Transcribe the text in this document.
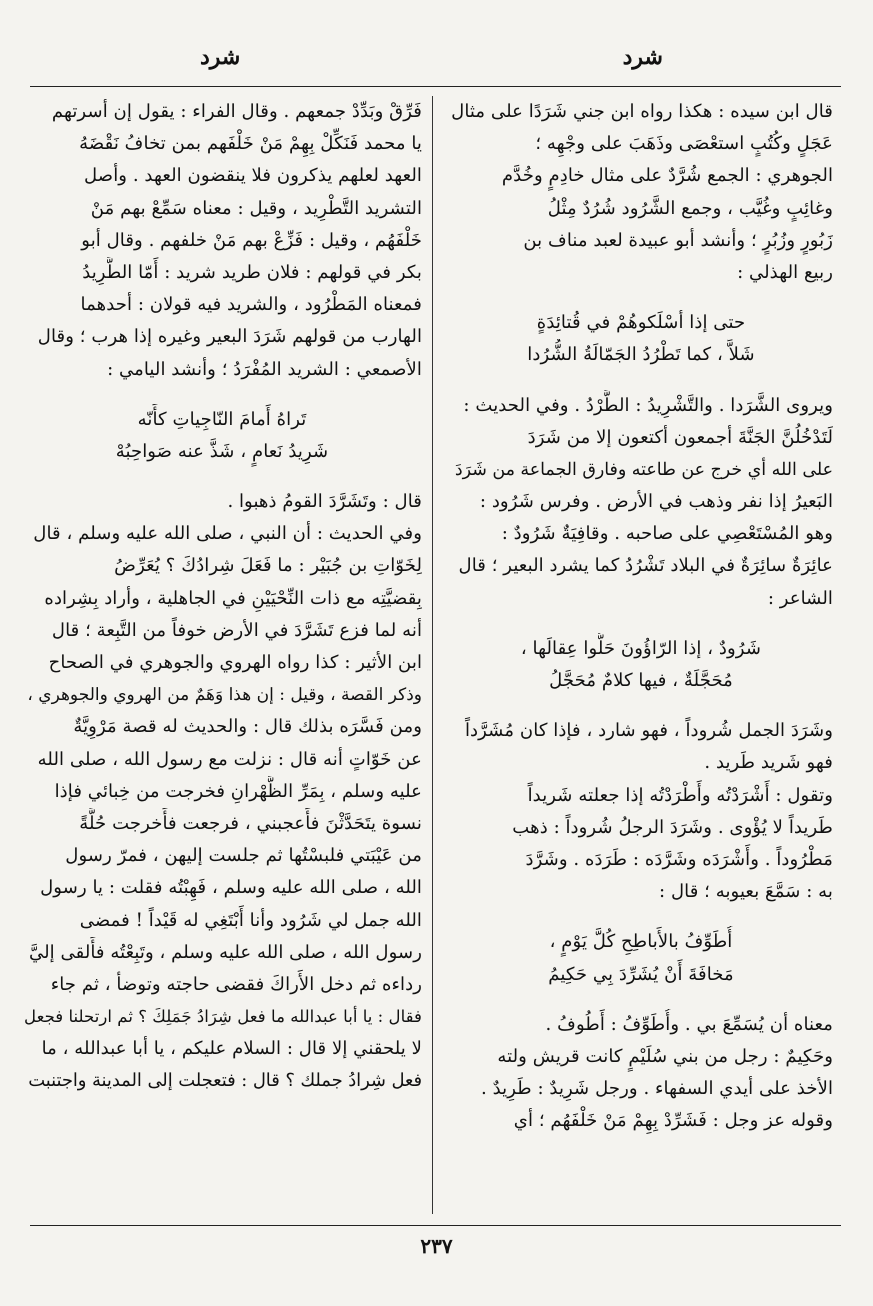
شرد
شرد
قال ابن سيده : هكذا رواه ابن جني شَرَدًا على مثال
عَجَلٍ وكُتُبٍ استعْصَى وذَهَبَ على وجْهِه ؛
الجوهري : الجمع شُرَّدٌ على مثال خادِمٍ وخُدَّم
وغائِبٍ وغُيَّب ، وجمع الشَّرُود شُرُدٌ مِثْلُ
زَبُورٍ وزُبُرٍ ؛ وأنشد أبو عبيدة لعبد مناف بن
ربيع الهذلي :
حتى إذا أسْلَكوهُمْ في قُتائِدَةٍ
شَلاًّ ، كما تَطْرُدُ الجَمّالَةُ الشُّرُدا
ويروى الشَّرَدا . والتَّشْرِيدُ : الطَّرْدُ . وفي الحديث :
لَتَدْخُلُنَّ الجَنَّةَ أجمعون أكتعون إلا من شَرَدَ
على الله أي خرج عن طاعته وفارق الجماعة من شَرَدَ
البَعيرُ إذا نفر وذهب في الأرض . وفرس شَرُود :
وهو المُسْتَعْصِي على صاحبه . وقافِيَةٌ شَرُودٌ :
عائِرَةٌ سائِرَةٌ في البلاد تَشْرُدُ كما يشرد البعير ؛ قال
الشاعر :
شَرُودٌ ، إذا الرّاؤُونَ حَلُّوا عِقالَها ،
مُحَجَّلَةٌ ، فيها كلامٌ مُحَجَّلُ
وشَرَدَ الجمل شُروداً ، فهو شارد ، فإذا كان مُشَرَّداً
فهو شَريد طَريد .
وتقول : أَشْرَدْتُه وأَطْرَدْتُه إذا جعلته شَريداً
طَريداً لا يُؤْوى . وشَرَدَ الرجلُ شُروداً : ذهب
مَطْرُوداً . وأَشْرَدَه وشَرَّدَه : طَرَدَه . وشَرَّدَ
به : سَمَّعَ بعيوبه ؛ قال :
أُطَوِّفُ بالأَباطِحِ كُلَّ يَوْمٍ ،
مَخافَةَ أَنْ يُشَرِّدَ بِي حَكِيمُ
معناه أن يُسَمِّعَ بي . وأُطَوِّفُ : أَطُوفُ .
وحَكِيمٌ : رجل من بني سُلَيْمٍ كانت قريش ولته
الأخذ على أيدي السفهاء . ورجل شَرِيدٌ : طَرِيدٌ .
وقوله عز وجل : فَشَرِّدْ بِهِمْ مَنْ خَلْفَهُم ؛ أي
فَرِّقْ وبَدِّدْ جمعهم . وقال الفراء : يقول إن أسرتهم
يا محمد فَنَكِّلْ بِهِمْ مَنْ خَلْفَهم بمن تخافُ نَقْضَهُ
العهد لعلهم يذكرون فلا ينقضون العهد . وأصل
التشريد التَّطْرِيد ، وقيل : معناه سَمِّعْ بهم مَنْ
خَلْفَهُم ، وقيل : فَزِّعْ بهم مَنْ خلفهم . وقال أبو
بكر في قولهم : فلان طريد شريد : أَمّا الطَّرِيدُ
فمعناه المَطْرُود ، والشريد فيه قولان : أحدهما
الهارب من قولهم شَرَدَ البعير وغيره إذا هرب ؛ وقال
الأصمعي : الشريد المُفْرَدُ ؛ وأنشد اليامي :
تَراهُ أَمامَ النّاجِياتِ كأَنّه
شَرِيدُ نَعامٍ ، شَذَّ عنه صَواحِبُهْ
قال : وتَشَرَّدَ القومُ ذهبوا .
وفي الحديث : أن النبي ، صلى الله عليه وسلم ، قال
لِخَوّاتِ بن جُبَيْر : ما فَعَلَ شِرادُكَ ؟ يُعَرِّضُ
بِقضيَّتِه مع ذات النِّحْيَيْنِ في الجاهلية ، وأراد بِشِراده
أنه لما فزع تَشَرَّدَ في الأرض خوفاً من التَّبِعة ؛ قال
ابن الأثير : كذا رواه الهروي والجوهري في الصحاح
وذكر القصة ، وقيل : إن هذا وَهَمٌ من الهروي والجوهري ،
ومن فَسَّرَه بذلك قال : والحديث له قصة مَرْوِيَّةٌ
عن خَوّاتٍ أنه قال : نزلت مع رسول الله ، صلى الله
عليه وسلم ، بِمَرِّ الظَّهْرانِ فخرجت من خِبائي فإذا
نسوة يتَحَدَّثْنَ فأَعجبني ، فرجعت فأَخرجت حُلَّةً
من عَيْبَتي فلبسْتُها ثم جلست إليهن ، فمرّ رسول
الله ، صلى الله عليه وسلم ، فَهِبْتُه فقلت : يا رسول
الله جمل لي شَرُود وأنا أَبْتَغِي له قَيْداً ! فمضى
رسول الله ، صلى الله عليه وسلم ، وتَبِعْتُه فأَلقى إليَّ
رداءه ثم دخل الأَراكَ فقضى حاجته وتوضأ ، ثم جاء
فقال : يا أبا عبدالله ما فعل شِرَادُ جَمَلِكَ ؟ ثم ارتحلنا فجعل
لا يلحقني إلا قال : السلام عليكم ، يا أبا عبدالله ، ما
فعل شِرادُ جملك ؟ قال : فتعجلت إلى المدينة واجتنبت
٢٣٧
